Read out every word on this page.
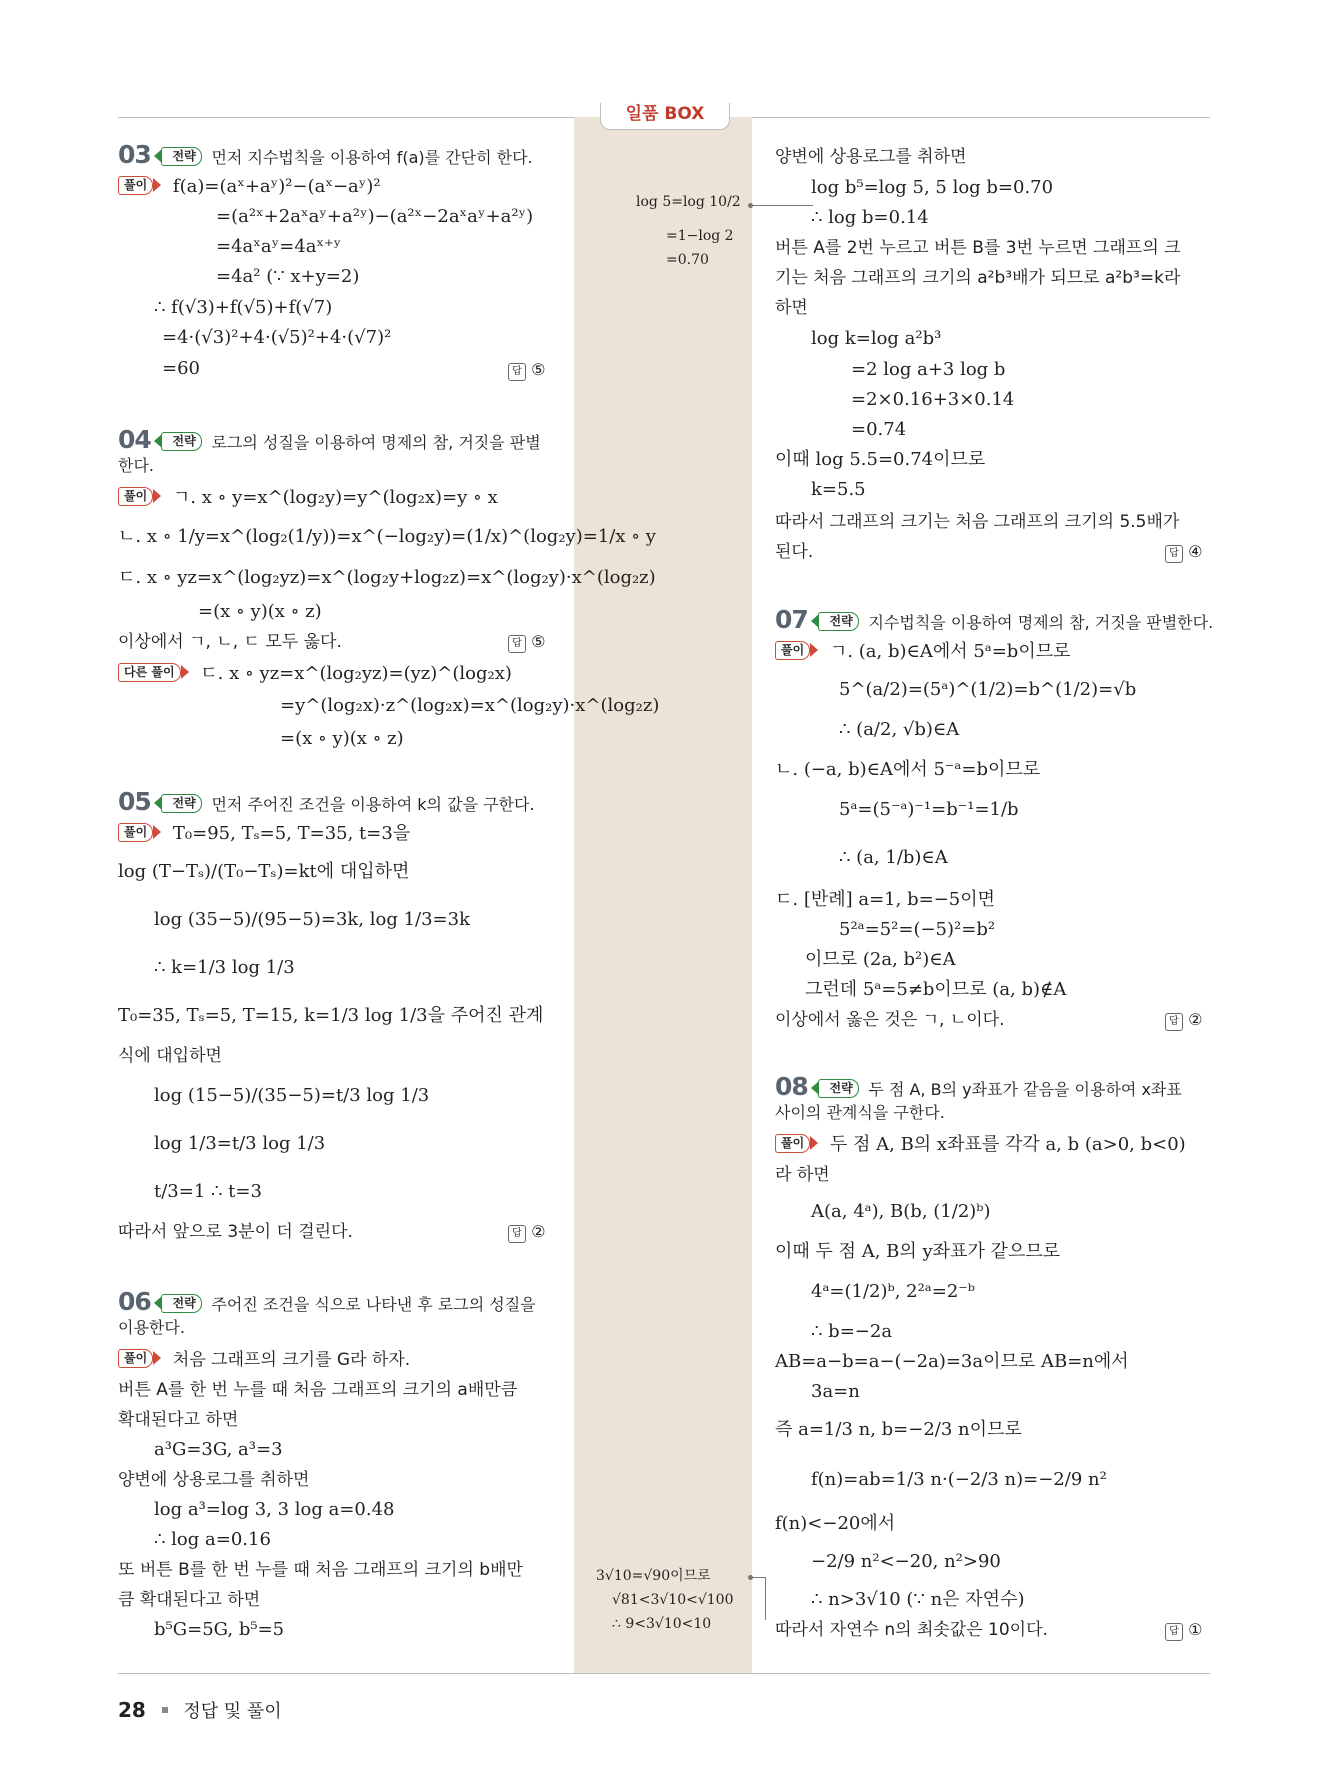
일품 BOX
03 전략 먼저 지수법칙을 이용하여 f(a)를 간단히 한다.
풀이 f(a)=(aˣ+aʸ)²−(aˣ−aʸ)²
=(a²ˣ+2aˣaʸ+a²ʸ)−(a²ˣ−2aˣaʸ+a²ʸ)
=4aˣaʸ=4aˣ⁺ʸ
=4a² (∵ x+y=2)
∴ f(√3)+f(√5)+f(√7)
=4·(√3)²+4·(√5)²+4·(√7)²
=60	답 ⑤
04 전략 로그의 성질을 이용하여 명제의 참, 거짓을 판별
한다.
풀이 ㄱ. x ∘ y=x^(log₂y)=y^(log₂x)=y ∘ x
ㄴ. x ∘ 1/y=x^(log₂(1/y))=x^(−log₂y)=(1/x)^(log₂y)=1/x ∘ y
ㄷ. x ∘ yz=x^(log₂yz)=x^(log₂y+log₂z)=x^(log₂y)·x^(log₂z)
=(x ∘ y)(x ∘ z)
이상에서 ㄱ, ㄴ, ㄷ 모두 옳다.	답 ⑤
다른 풀이 ㄷ. x ∘ yz=x^(log₂yz)=(yz)^(log₂x)
=y^(log₂x)·z^(log₂x)=x^(log₂y)·x^(log₂z)
=(x ∘ y)(x ∘ z)
05 전략 먼저 주어진 조건을 이용하여 k의 값을 구한다.
풀이 T₀=95, Tₛ=5, T=35, t=3을
log (T−Tₛ)/(T₀−Tₛ)=kt에 대입하면
log (35−5)/(95−5)=3k, log 1/3=3k
∴ k=1/3 log 1/3
T₀=35, Tₛ=5, T=15, k=1/3 log 1/3을 주어진 관계
식에 대입하면
log (15−5)/(35−5)=t/3 log 1/3
log 1/3=t/3 log 1/3
t/3=1 ∴ t=3
따라서 앞으로 3분이 더 걸린다.	답 ②
06 전략 주어진 조건을 식으로 나타낸 후 로그의 성질을
이용한다.
풀이 처음 그래프의 크기를 G라 하자.
버튼 A를 한 번 누를 때 처음 그래프의 크기의 a배만큼
확대된다고 하면
a³G=3G, a³=3
양변에 상용로그를 취하면
log a³=log 3, 3 log a=0.48
∴ log a=0.16
또 버튼 B를 한 번 누를 때 처음 그래프의 크기의 b배만
큼 확대된다고 하면
b⁵G=5G, b⁵=5
log 5=log 10/2
=1−log 2
=0.70
3√10=√90이므로
√81<3√10<√100
∴ 9<3√10<10
양변에 상용로그를 취하면
log b⁵=log 5, 5 log b=0.70
∴ log b=0.14
버튼 A를 2번 누르고 버튼 B를 3번 누르면 그래프의 크
기는 처음 그래프의 크기의 a²b³배가 되므로 a²b³=k라
하면
log k=log a²b³
=2 log a+3 log b
=2×0.16+3×0.14
=0.74
이때 log 5.5=0.74이므로
k=5.5
따라서 그래프의 크기는 처음 그래프의 크기의 5.5배가
된다.	답 ④
07 전략 지수법칙을 이용하여 명제의 참, 거짓을 판별한다.
풀이 ㄱ. (a, b)∈A에서 5ᵃ=b이므로
5^(a/2)=(5ᵃ)^(1/2)=b^(1/2)=√b
∴ (a/2, √b)∈A
ㄴ. (−a, b)∈A에서 5⁻ᵃ=b이므로
5ᵃ=(5⁻ᵃ)⁻¹=b⁻¹=1/b
∴ (a, 1/b)∈A
ㄷ. [반례] a=1, b=−5이면
5²ᵃ=5²=(−5)²=b²
이므로 (2a, b²)∈A
그런데 5ᵃ=5≠b이므로 (a, b)∉A
이상에서 옳은 것은 ㄱ, ㄴ이다.	답 ②
08 전략 두 점 A, B의 y좌표가 같음을 이용하여 x좌표
사이의 관계식을 구한다.
풀이 두 점 A, B의 x좌표를 각각 a, b (a>0, b<0)
라 하면
A(a, 4ᵃ), B(b, (1/2)ᵇ)
이때 두 점 A, B의 y좌표가 같으므로
4ᵃ=(1/2)ᵇ, 2²ᵃ=2⁻ᵇ
∴ b=−2a
AB=a−b=a−(−2a)=3a이므로 AB=n에서
3a=n
즉 a=1/3 n, b=−2/3 n이므로
f(n)=ab=1/3 n·(−2/3 n)=−2/9 n²
f(n)<−20에서
−2/9 n²<−20, n²>90
∴ n>3√10 (∵ n은 자연수)
따라서 자연수 n의 최솟값은 10이다.	답 ①
28 정답 및 풀이
